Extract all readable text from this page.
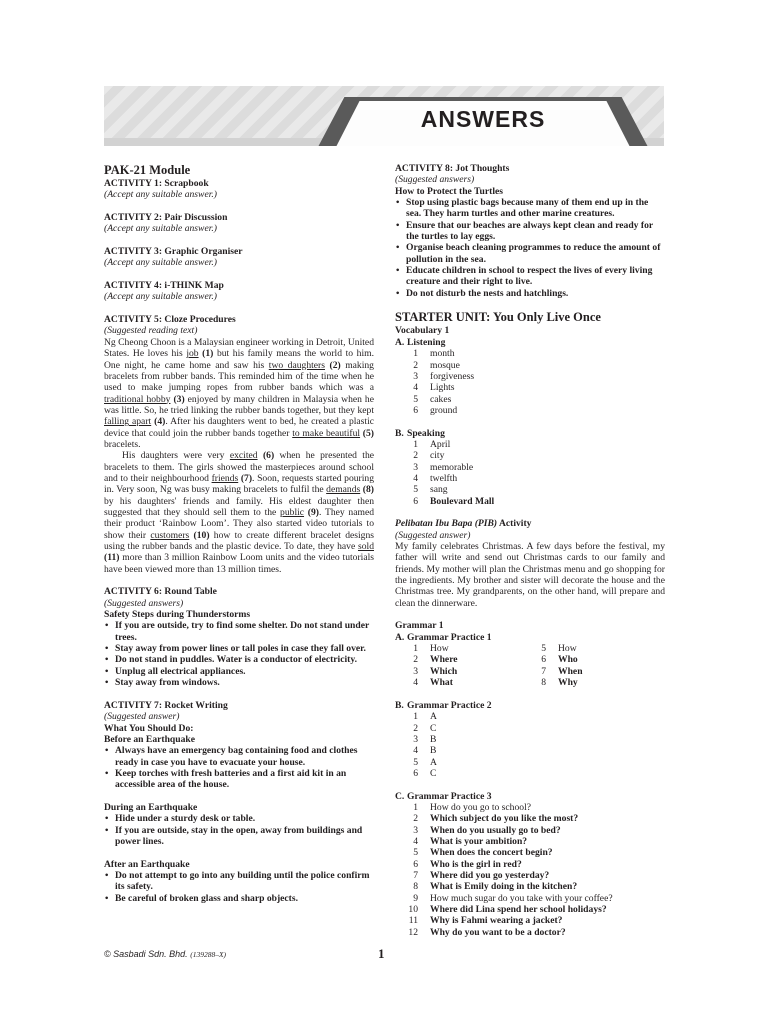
ANSWERS

PAK-21 Module

ACTIVITY 1: Scrapbook

(Accept any suitable answer.)

ACTIVITY 2: Pair Discussion

(Accept any suitable answer.)

ACTIVITY 3: Graphic Organiser

(Accept any suitable answer.)

ACTIVITY 4: i-THINK Map

(Accept any suitable answer.)

ACTIVITY 5: Cloze Procedures

(Suggested reading text)

Ng Cheong Choon is a Malaysian engineer working in Detroit, United States. He loves his job (1) but his family means the world to him. One night, he came home and saw his two daughters (2) making bracelets from rubber bands. This reminded him of the time when he used to make jumping ropes from rubber bands which was a traditional hobby (3) enjoyed by many children in Malaysia when he was little. So, he tried linking the rubber bands together, but they kept falling apart (4). After his daughters went to bed, he created a plastic device that could join the rubber bands together to make beautiful (5) bracelets.

His daughters were very excited (6) when he presented the bracelets to them. The girls showed the masterpieces around school and to their neighbourhood friends (7). Soon, requests started pouring in. Very soon, Ng was busy making bracelets to fulfil the demands (8) by his daughters' friends and family. His eldest daughter then suggested that they should sell them to the public (9). They named their product ‘Rainbow Loom’. They also started video tutorials to show their customers (10) how to create different bracelet designs using the rubber bands and the plastic device. To date, they have sold (11) more than 3 million Rainbow Loom units and the video tutorials have been viewed more than 13 million times.

ACTIVITY 6: Round Table

(Suggested answers)

Safety Steps during Thunderstorms

• If you are outside, try to find some shelter. Do not stand under trees.
• Stay away from power lines or tall poles in case they fall over.
• Do not stand in puddles. Water is a conductor of electricity.
• Unplug all electrical appliances.
• Stay away from windows.

ACTIVITY 7: Rocket Writing

(Suggested answer)

What You Should Do:

Before an Earthquake

• Always have an emergency bag containing food and clothes ready in case you have to evacuate your house.
• Keep torches with fresh batteries and a first aid kit in an accessible area of the house.

During an Earthquake

• Hide under a sturdy desk or table.
• If you are outside, stay in the open, away from buildings and power lines.

After an Earthquake

• Do not attempt to go into any building until the police confirm its safety.
• Be careful of broken glass and sharp objects.

ACTIVITY 8: Jot Thoughts

(Suggested answers)

How to Protect the Turtles

• Stop using plastic bags because many of them end up in the sea. They harm turtles and other marine creatures.
• Ensure that our beaches are always kept clean and ready for the turtles to lay eggs.
• Organise beach cleaning programmes to reduce the amount of pollution in the sea.
• Educate children in school to respect the lives of every living creature and their right to live.
• Do not disturb the nests and hatchlings.

STARTER UNIT: You Only Live Once

Vocabulary 1

A. Listening
1	month
2	mosque
3	forgiveness
4	Lights
5	cakes
6	ground
B. Speaking
1	April
2	city
3	memorable
4	twelfth
5	sang
6	Boulevard Mall

Pelibatan Ibu Bapa (PIB) Activity

(Suggested answer)

My family celebrates Christmas. A few days before the festival, my father will write and send out Christmas cards to our family and friends. My mother will plan the Christmas menu and go shopping for the ingredients. My brother and sister will decorate the house and the Christmas tree. My grandparents, on the other hand, will prepare and clean the dinnerware.

Grammar 1

A. Grammar Practice 1
1	How
2	Where
3	Which
4	What
5	How
6	Who
7	When
8	Why
B. Grammar Practice 2
1	A
2	C
3	B
4	B
5	A
6	C
C. Grammar Practice 3
1	How do you go to school?
2	Which subject do you like the most?
3	When do you usually go to bed?
4	What is your ambition?
5	When does the concert begin?
6	Who is the girl in red?
7	Where did you go yesterday?
8	What is Emily doing in the kitchen?
9	How much sugar do you take with your coffee?
10	Where did Lina spend her school holidays?
11	Why is Fahmi wearing a jacket?
12	Why do you want to be a doctor?
© Sasbadi Sdn. Bhd. (139288–X)	1
